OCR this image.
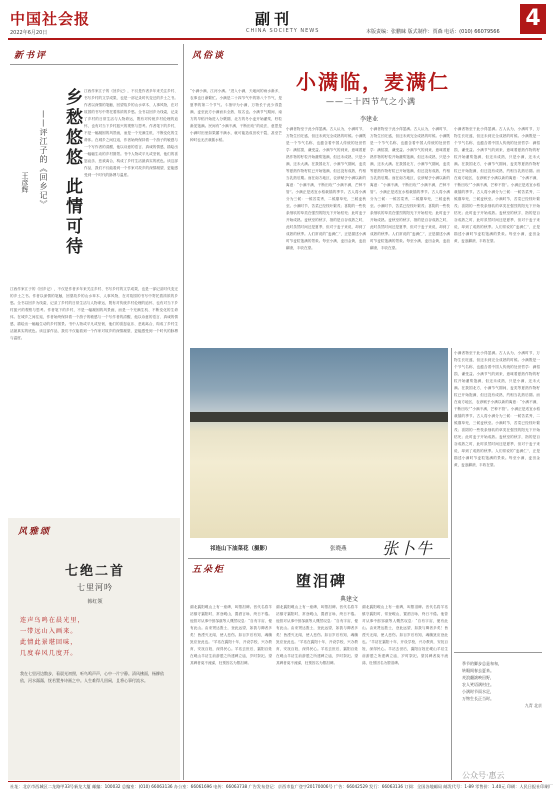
中国社会报
2022年6月20日
副刊
CHINA SOCIETY NEWS	本版责编：张鹏睐 版式制作：贾森 电话：(010) 66079566
4
新书评
乡愁悠悠 此情可待
——评江子的《回乡记》
王彦辉
江西作家江子的《回乡记》，不仅是作者多年来关注乡村、书写乡村的文学成果，也是一部记录时代变迁的乡土之书。作者以深情的笔触，回望故乡的山水草木、人事风物，在对故园的书写中寄托着浓浓的乡愁。全书以回乡为线索，记录了乡村的日常生活与人物命运，既有对传统乡村伦理的追怀，也有对当下乡村振兴的观察与思考。作者笔下的乡村，不是一幅凝固的风景画，而是一个充满生机、不断变化的生命体。在城乡之间往返，作者始终保持着一个游子的敏感与一个写作者的清醒，他以诗意的语言、真诚的情感，描绘出一幅幅生动的乡村图景。书中人物或平凡或坚韧，他们的喜怒哀乐、悲欢离合，构成了乡村生活最真实的底色。读这部作品，我们不仅能看到一个作家对故乡的深情凝望，更能感受到一个时代的脉搏与温度。
江西作家江子的《回乡记》，不仅是作者多年来关注乡村、书写乡村的文学成果，也是一部记录时代变迁的乡土之书。作者以深情的笔触，回望故乡的山水草木、人事风物，在对故园的书写中寄托着浓浓的乡愁。全书以回乡为线索，记录了乡村的日常生活与人物命运，既有对传统乡村伦理的追怀，也有对当下乡村振兴的观察与思考。作者笔下的乡村，不是一幅凝固的风景画，而是一个充满生机、不断变化的生命体。在城乡之间往返，作者始终保持着一个游子的敏感与一个写作者的清醒，他以诗意的语言、真诚的情感，描绘出一幅幅生动的乡村图景。书中人物或平凡或坚韧，他们的喜怒哀乐、悲欢离合，构成了乡村生活最真实的底色。读这部作品，我们不仅能看到一个作家对故乡的深情凝望，更能感受到一个时代的脉搏与温度。
风雅颂
七绝二首
七里河吟
韩红领
连声鸟鸣在晨光里，
一带远山入画来。
此情此景堪回味，
几度春风几度开。
我在七里河边散步，看晨光初照，听鸟鸣声声，心中一片宁静。清风拂面，杨柳依依，河水潺潺，恍若置身诗画之中。人生难得几回闲，且将心事付流水。
风俗谈
“小满小满，江河小满。”进入小满，天地间的雨水渐多，农事也日渐繁忙。小满是二十四节气中的第八个节气，是夏季的第二个节气。斗指甲为小满，万物长于此少得盈满，麦至此方小满而未全熟，故名也。小满节气期间，南方的早稻开始进入分蘖期，北方的冬小麦开始灌浆，籽粒渐见饱满。民间有“小满不满，干断田坎”的说法，意思是小满时田里如果蓄不满水，就可能造成田坎干裂，甚至芒种时也无法栽插水稻。
小满临，麦满仁
——二十四节气之小满
李建业
小满者物至于此小得盈满。古人认为，小满时节，万物生长旺盛，但还未到完全成熟的时候。小满既是一个节气名称，也蕴含着中国人传统的处世哲学：满招损，谦受益。小满节气的到来，意味着夏熟作物的籽粒开始灌浆饱满，但还未成熟，只是小满，还未大满。在我国北方，小满节气期间，麦类等夏熟作物籽粒已开始饱满，但还没有成熟，约相当乳熟后期。而在南方地区，农谚赋予小满以新的寓意：“小满不满，干断田坎”“小满不满，芒种不管”。小满正是适宜水稻栽插的季节。古人将小满分为三候：一候苦菜秀，二候靡草死，三候麦秋至。小满时节，苦菜已经枝叶繁茂；喜阴的一些枝条细软的草类在强烈的阳光下开始枯死；此时麦子开始成熟。麦秋至的秋字，指的是百谷成熟之时，此时虽然时间还是夏季，但对于麦子来说，却到了成熟的秋季。人们常说的“麦满仁”，正是描述小满时节麦粒饱满的景象。每至小满，麦田金黄，麦浪翻滚，丰收在望。
小满者物至于此小得盈满。古人认为，小满时节，万物生长旺盛，但还未到完全成熟的时候。小满既是一个节气名称，也蕴含着中国人传统的处世哲学：满招损，谦受益。小满节气的到来，意味着夏熟作物的籽粒开始灌浆饱满，但还未成熟，只是小满，还未大满。在我国北方，小满节气期间，麦类等夏熟作物籽粒已开始饱满，但还没有成熟，约相当乳熟后期。而在南方地区，农谚赋予小满以新的寓意：“小满不满，干断田坎”“小满不满，芒种不管”。小满正是适宜水稻栽插的季节。古人将小满分为三候：一候苦菜秀，二候靡草死，三候麦秋至。小满时节，苦菜已经枝叶繁茂；喜阴的一些枝条细软的草类在强烈的阳光下开始枯死；此时麦子开始成熟。麦秋至的秋字，指的是百谷成熟之时，此时虽然时间还是夏季，但对于麦子来说，却到了成熟的秋季。人们常说的“麦满仁”，正是描述小满时节麦粒饱满的景象。每至小满，麦田金黄，麦浪翻滚，丰收在望。
小满者物至于此小得盈满。古人认为，小满时节，万物生长旺盛，但还未到完全成熟的时候。小满既是一个节气名称，也蕴含着中国人传统的处世哲学：满招损，谦受益。小满节气的到来，意味着夏熟作物的籽粒开始灌浆饱满，但还未成熟，只是小满，还未大满。在我国北方，小满节气期间，麦类等夏熟作物籽粒已开始饱满，但还没有成熟，约相当乳熟后期。而在南方地区，农谚赋予小满以新的寓意：“小满不满，干断田坎”“小满不满，芒种不管”。小满正是适宜水稻栽插的季节。古人将小满分为三候：一候苦菜秀，二候靡草死，三候麦秋至。小满时节，苦菜已经枝叶繁茂；喜阴的一些枝条细软的草类在强烈的阳光下开始枯死；此时麦子开始成熟。麦秋至的秋字，指的是百谷成熟之时，此时虽然时间还是夏季，但对于麦子来说，却到了成熟的秋季。人们常说的“麦满仁”，正是描述小满时节麦粒饱满的景象。每至小满，麦田金黄，麦浪翻滚，丰收在望。
小满者物至于此小得盈满。古人认为，小满时节，万物生长旺盛，但还未到完全成熟的时候。小满既是一个节气名称，也蕴含着中国人传统的处世哲学：满招损，谦受益。小满节气的到来，意味着夏熟作物的籽粒开始灌浆饱满，但还未成熟，只是小满，还未大满。在我国北方，小满节气期间，麦类等夏熟作物籽粒已开始饱满，但还没有成熟，约相当乳熟后期。而在南方地区，农谚赋予小满以新的寓意：“小满不满，干断田坎”“小满不满，芒种不管”。小满正是适宜水稻栽插的季节。古人将小满分为三候：一候苦菜秀，二候靡草死，三候麦秋至。小满时节，苦菜已经枝叶繁茂；喜阴的一些枝条细软的草类在强烈的阳光下开始枯死；此时麦子开始成熟。麦秋至的秋字，指的是百谷成熟之时，此时虽然时间还是夏季，但对于麦子来说，却到了成熟的秋季。人们常说的“麦满仁”，正是描述小满时节麦粒饱满的景象。每至小满，麦田金黄，麦浪翻滚，丰收在望。
祁连山下油菜花（摄影）	张晓燕 张卜牛
五朵炬
堕泪碑
典建文
湖北襄阳岘山上有一座碑，叫堕泪碑。晋代名将羊祜镇守襄阳时，常登岘山，置酒言咏，终日不倦。他曾对从事中郎邹湛等人慨然叹息：“自有宇宙，便有此山。由来贤达胜士，登此远望，如我与卿者多矣！皆湮灭无闻，使人悲伤。如百岁后有知，魂魄犹应登此也。”羊祜在襄阳十年，开设学校，兴办教育，安抚百姓，深得民心。羊祜去世后，襄阳百姓在岘山羊祜生前游憩之所建碑立庙，岁时祭祀。望其碑者莫不流涕，杜预因名为堕泪碑。
湖北襄阳岘山上有一座碑，叫堕泪碑。晋代名将羊祜镇守襄阳时，常登岘山，置酒言咏，终日不倦。他曾对从事中郎邹湛等人慨然叹息：“自有宇宙，便有此山。由来贤达胜士，登此远望，如我与卿者多矣！皆湮灭无闻，使人悲伤。如百岁后有知，魂魄犹应登此也。”羊祜在襄阳十年，开设学校，兴办教育，安抚百姓，深得民心。羊祜去世后，襄阳百姓在岘山羊祜生前游憩之所建碑立庙，岁时祭祀。望其碑者莫不流涕，杜预因名为堕泪碑。
湖北襄阳岘山上有一座碑，叫堕泪碑。晋代名将羊祜镇守襄阳时，常登岘山，置酒言咏，终日不倦。他曾对从事中郎邹湛等人慨然叹息：“自有宇宙，便有此山。由来贤达胜士，登此远望，如我与卿者多矣！皆湮灭无闻，使人悲伤。如百岁后有知，魂魄犹应登此也。”羊祜在襄阳十年，开设学校，兴办教育，安抚百姓，深得民心。羊祜去世后，襄阳百姓在岘山羊祜生前游憩之所建碑立庙，岁时祭祀。望其碑者莫不流涕，杜预因名为堕泪碑。	季节的脚步总是匆匆，
转眼间春去夏来。
麦浪翻滚映田野，
农人笑语满村庄。
小满时节雨水足，
万物生长正当时。
九青 北京
社址：北京市西城区二龙路甲33号新龙大厦 邮编：100032 总编室：(010) 66063136 办公室：66061696 电传：66063738 广告发布登记：京西市监广登字20170006号 广告：66042529 发行：66063136 订阅：全国各地邮局 邮发代号：1-89 零售价：1.40元 印刷：人民日报社印刷厂
公众号·惠云
